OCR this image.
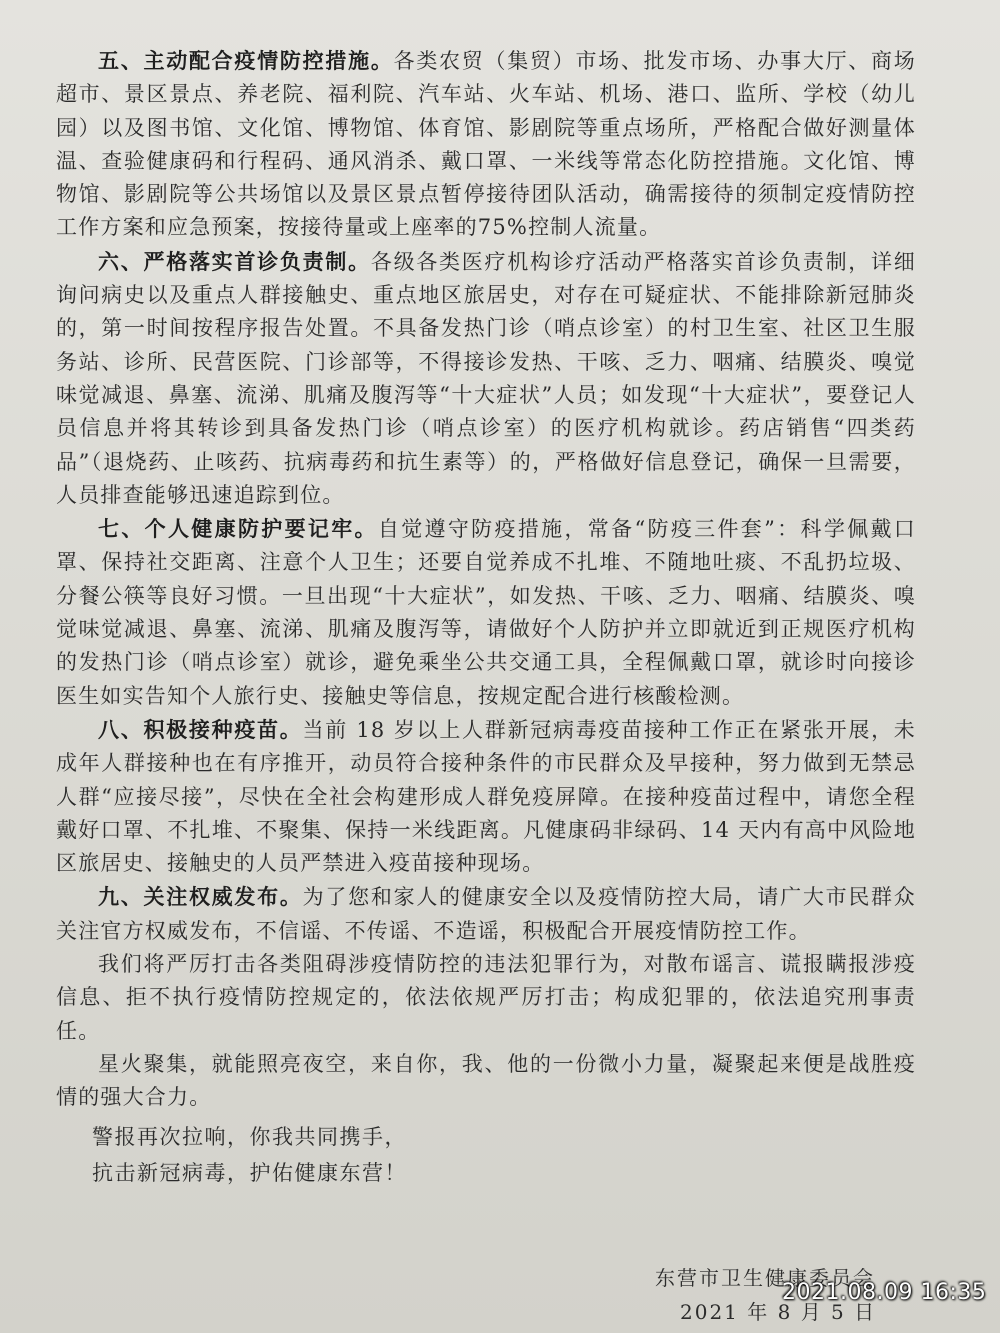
五、主动配合疫情防控措施。各类农贸（集贸）市场、批发市场、办事大厅、商场超市、景区景点、养老院、福利院、汽车站、火车站、机场、港口、监所、学校（幼儿园）以及图书馆、文化馆、博物馆、体育馆、影剧院等重点场所，严格配合做好测量体温、查验健康码和行程码、通风消杀、戴口罩、一米线等常态化防控措施。文化馆、博物馆、影剧院等公共场馆以及景区景点暂停接待团队活动，确需接待的须制定疫情防控工作方案和应急预案，按接待量或上座率的75%控制人流量。

六、严格落实首诊负责制。各级各类医疗机构诊疗活动严格落实首诊负责制，详细询问病史以及重点人群接触史、重点地区旅居史，对存在可疑症状、不能排除新冠肺炎的，第一时间按程序报告处置。不具备发热门诊（哨点诊室）的村卫生室、社区卫生服务站、诊所、民营医院、门诊部等，不得接诊发热、干咳、乏力、咽痛、结膜炎、嗅觉味觉减退、鼻塞、流涕、肌痛及腹泻等“十大症状”人员；如发现“十大症状”，要登记人员信息并将其转诊到具备发热门诊（哨点诊室）的医疗机构就诊。药店销售“四类药品”（退烧药、止咳药、抗病毒药和抗生素等）的，严格做好信息登记，确保一旦需要，人员排查能够迅速追踪到位。

七、个人健康防护要记牢。自觉遵守防疫措施，常备“防疫三件套”：科学佩戴口罩、保持社交距离、注意个人卫生；还要自觉养成不扎堆、不随地吐痰、不乱扔垃圾、分餐公筷等良好习惯。一旦出现“十大症状”，如发热、干咳、乏力、咽痛、结膜炎、嗅觉味觉减退、鼻塞、流涕、肌痛及腹泻等，请做好个人防护并立即就近到正规医疗机构的发热门诊（哨点诊室）就诊，避免乘坐公共交通工具，全程佩戴口罩，就诊时向接诊医生如实告知个人旅行史、接触史等信息，按规定配合进行核酸检测。

八、积极接种疫苗。当前 18 岁以上人群新冠病毒疫苗接种工作正在紧张开展，未成年人群接种也在有序推开，动员符合接种条件的市民群众及早接种，努力做到无禁忌人群“应接尽接”，尽快在全社会构建形成人群免疫屏障。在接种疫苗过程中，请您全程戴好口罩、不扎堆、不聚集、保持一米线距离。凡健康码非绿码、14 天内有高中风险地区旅居史、接触史的人员严禁进入疫苗接种现场。

九、关注权威发布。为了您和家人的健康安全以及疫情防控大局，请广大市民群众关注官方权威发布，不信谣、不传谣、不造谣，积极配合开展疫情防控工作。

我们将严厉打击各类阻碍涉疫情防控的违法犯罪行为，对散布谣言、谎报瞒报涉疫信息、拒不执行疫情防控规定的，依法依规严厉打击；构成犯罪的，依法追究刑事责任。

星火聚集，就能照亮夜空，来自你，我、他的一份微小力量，凝聚起来便是战胜疫情的强大合力。

警报再次拉响，你我共同携手，
抗击新冠病毒，护佑健康东营！
东营市卫生健康委员会
2021 年 8 月 5 日
2021.08.09 16:35
